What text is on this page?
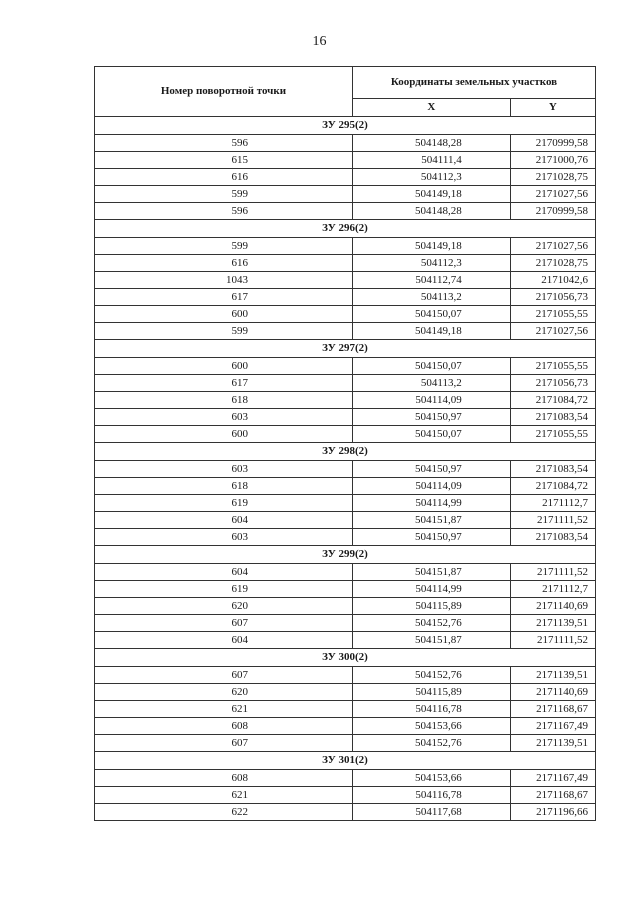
16
Номер поворотной точки	Координаты земельных участков	
	X	Y
ЗУ 295(2)		
596	504148,28	2170999,58
615	504111,4	2171000,76
616	504112,3	2171028,75
599	504149,18	2171027,56
596	504148,28	2170999,58
ЗУ 296(2)		
599	504149,18	2171027,56
616	504112,3	2171028,75
1043	504112,74	2171042,6
617	504113,2	2171056,73
600	504150,07	2171055,55
599	504149,18	2171027,56
ЗУ 297(2)		
600	504150,07	2171055,55
617	504113,2	2171056,73
618	504114,09	2171084,72
603	504150,97	2171083,54
600	504150,07	2171055,55
ЗУ 298(2)		
603	504150,97	2171083,54
618	504114,09	2171084,72
619	504114,99	2171112,7
604	504151,87	2171111,52
603	504150,97	2171083,54
ЗУ 299(2)		
604	504151,87	2171111,52
619	504114,99	2171112,7
620	504115,89	2171140,69
607	504152,76	2171139,51
604	504151,87	2171111,52
ЗУ 300(2)		
607	504152,76	2171139,51
620	504115,89	2171140,69
621	504116,78	2171168,67
608	504153,66	2171167,49
607	504152,76	2171139,51
ЗУ 301(2)		
608	504153,66	2171167,49
621	504116,78	2171168,67
622	504117,68	2171196,66
